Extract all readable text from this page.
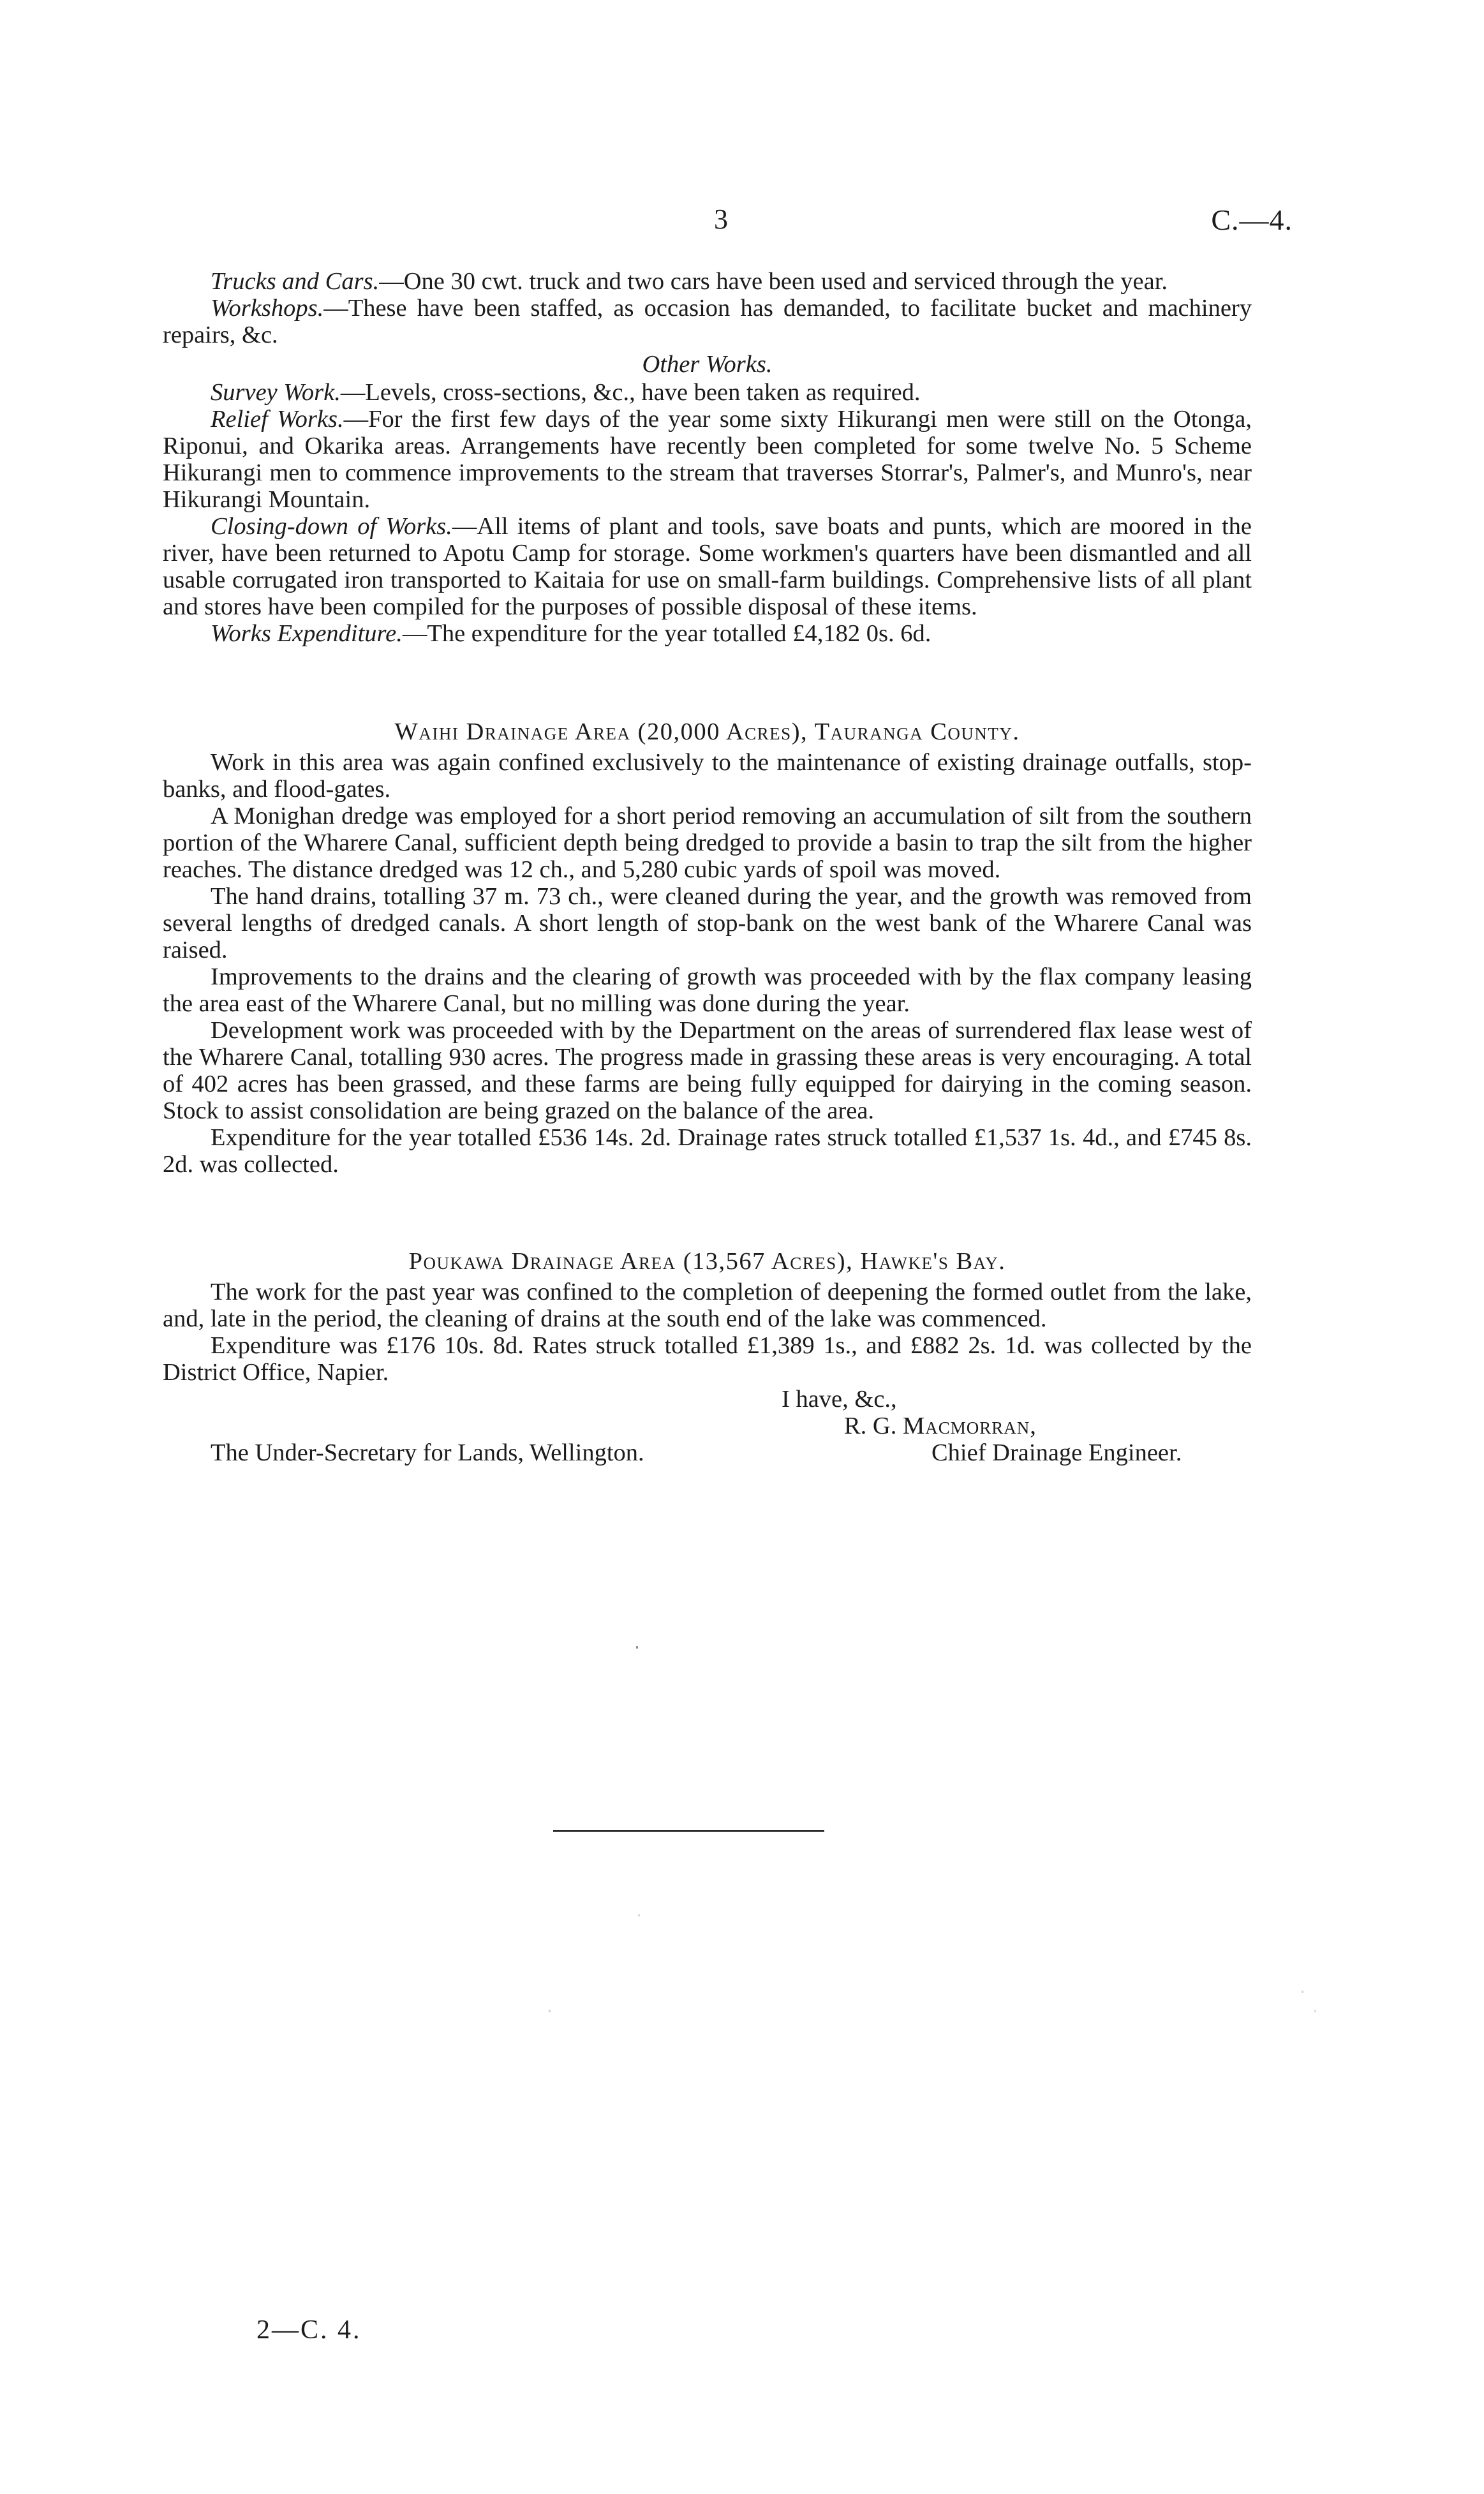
3	C.—4.

Trucks and Cars.—One 30 cwt. truck and two cars have been used and serviced through the year.

Workshops.—These have been staffed, as occasion has demanded, to facilitate bucket and machinery repairs, &c.

Other Works.

Survey Work.—Levels, cross-sections, &c., have been taken as required.

Relief Works.—For the first few days of the year some sixty Hikurangi men were still on the Otonga, Riponui, and Okarika areas. Arrangements have recently been completed for some twelve No. 5 Scheme Hikurangi men to commence improvements to the stream that traverses Storrar's, Palmer's, and Munro's, near Hikurangi Mountain.

Closing-down of Works.—All items of plant and tools, save boats and punts, which are moored in the river, have been returned to Apotu Camp for storage. Some workmen's quarters have been dismantled and all usable corrugated iron transported to Kaitaia for use on small-farm buildings. Comprehensive lists of all plant and stores have been compiled for the purposes of possible disposal of these items.

Works Expenditure.—The expenditure for the year totalled £4,182 0s. 6d.

Waihi Drainage Area (20,000 Acres), Tauranga County.

Work in this area was again confined exclusively to the maintenance of existing drainage outfalls, stop-banks, and flood-gates.

A Monighan dredge was employed for a short period removing an accumulation of silt from the southern portion of the Wharere Canal, sufficient depth being dredged to provide a basin to trap the silt from the higher reaches. The distance dredged was 12 ch., and 5,280 cubic yards of spoil was moved.

The hand drains, totalling 37 m. 73 ch., were cleaned during the year, and the growth was removed from several lengths of dredged canals. A short length of stop-bank on the west bank of the Wharere Canal was raised.

Improvements to the drains and the clearing of growth was proceeded with by the flax company leasing the area east of the Wharere Canal, but no milling was done during the year.

Development work was proceeded with by the Department on the areas of surrendered flax lease west of the Wharere Canal, totalling 930 acres. The progress made in grassing these areas is very encouraging. A total of 402 acres has been grassed, and these farms are being fully equipped for dairying in the coming season. Stock to assist consolidation are being grazed on the balance of the area.

Expenditure for the year totalled £536 14s. 2d. Drainage rates struck totalled £1,537 1s. 4d., and £745 8s. 2d. was collected.

Poukawa Drainage Area (13,567 Acres), Hawke's Bay.

The work for the past year was confined to the completion of deepening the formed outlet from the lake, and, late in the period, the cleaning of drains at the south end of the lake was commenced.

Expenditure was £176 10s. 8d. Rates struck totalled £1,389 1s., and £882 2s. 1d. was collected by the District Office, Napier.

I have, &c.,
R. G. Macmorran,
The Under-Secretary for Lands, Wellington.	Chief Drainage Engineer.
2—C. 4.
